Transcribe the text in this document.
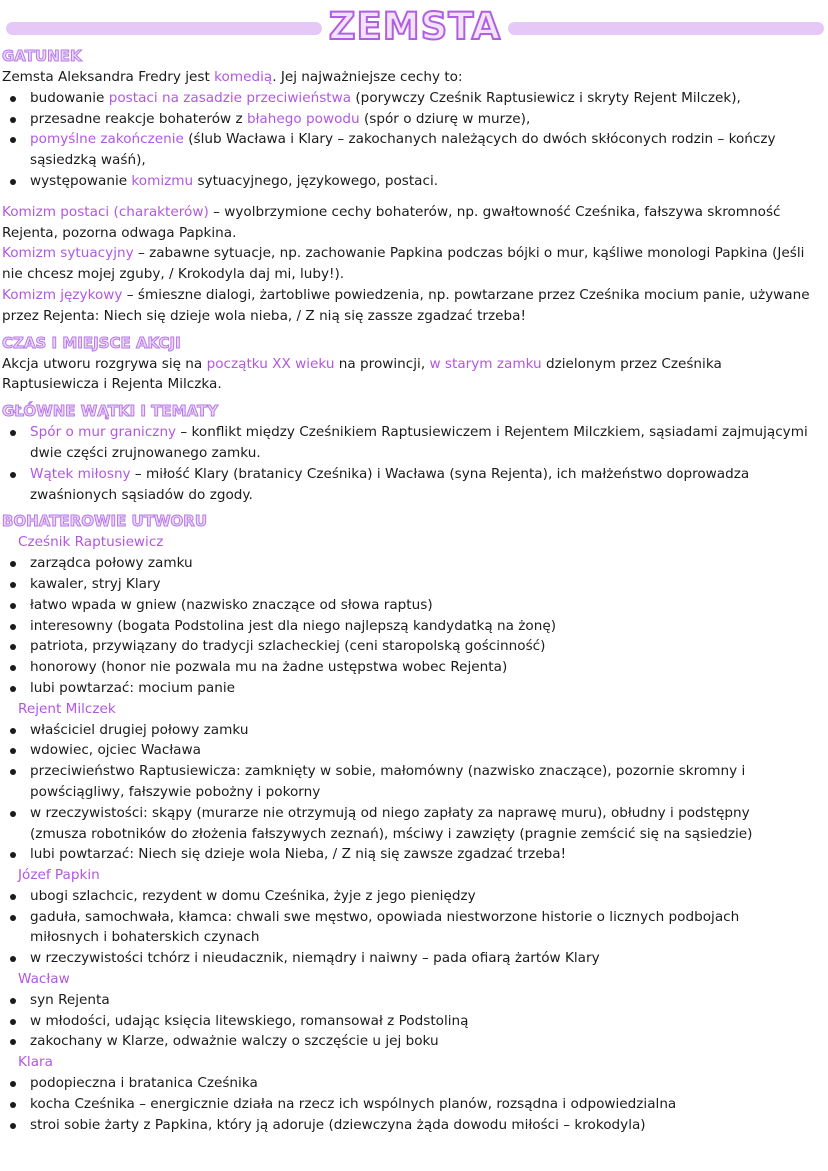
ZEMSTA
GATUNEK
Zemsta Aleksandra Fredry jest komedią. Jej najważniejsze cechy to:
budowanie postaci na zasadzie przeciwieństwa (porywczy Cześnik Raptusiewicz i skryty Rejent Milczek),
przesadne reakcje bohaterów z błahego powodu (spór o dziurę w murze),
pomyślne zakończenie (ślub Wacława i Klary – zakochanych należących do dwóch skłóconych rodzin – kończy
sąsiedzką waśń),
występowanie komizmu sytuacyjnego, językowego, postaci.
Komizm postaci (charakterów) – wyolbrzymione cechy bohaterów, np. gwałtowność Cześnika, fałszywa skromność
Rejenta, pozorna odwaga Papkina.
Komizm sytuacyjny – zabawne sytuacje, np. zachowanie Papkina podczas bójki o mur, kąśliwe monologi Papkina (Jeśli
nie chcesz mojej zguby, / Krokodyla daj mi, luby!).
Komizm językowy – śmieszne dialogi, żartobliwe powiedzenia, np. powtarzane przez Cześnika mocium panie, używane
przez Rejenta: Niech się dzieje wola nieba, / Z nią się zassze zgadzać trzeba!
CZAS I MIEJSCE AKCJI
Akcja utworu rozgrywa się na początku XX wieku na prowincji, w starym zamku dzielonym przez Cześnika
Raptusiewicza i Rejenta Milczka.
GŁÓWNE WĄTKI I TEMATY
Spór o mur graniczny – konflikt między Cześnikiem Raptusiewiczem i Rejentem Milczkiem, sąsiadami zajmującymi
dwie części zrujnowanego zamku.
Wątek miłosny – miłość Klary (bratanicy Cześnika) i Wacława (syna Rejenta), ich małżeństwo doprowadza
zwaśnionych sąsiadów do zgody.
BOHATEROWIE UTWORU
Cześnik Raptusiewicz
zarządca połowy zamku
kawaler, stryj Klary
łatwo wpada w gniew (nazwisko znaczące od słowa raptus)
interesowny (bogata Podstolina jest dla niego najlepszą kandydatką na żonę)
patriota, przywiązany do tradycji szlacheckiej (ceni staropolską gościnność)
honorowy (honor nie pozwala mu na żadne ustępstwa wobec Rejenta)
lubi powtarzać: mocium panie
Rejent Milczek
właściciel drugiej połowy zamku
wdowiec, ojciec Wacława
przeciwieństwo Raptusiewicza: zamknięty w sobie, małomówny (nazwisko znaczące), pozornie skromny i
powściągliwy, fałszywie pobożny i pokorny
w rzeczywistości: skąpy (murarze nie otrzymują od niego zapłaty za naprawę muru), obłudny i podstępny
(zmusza robotników do złożenia fałszywych zeznań), mściwy i zawzięty (pragnie zemścić się na sąsiedzie)
lubi powtarzać: Niech się dzieje wola Nieba, / Z nią się zawsze zgadzać trzeba!
Józef Papkin
ubogi szlachcic, rezydent w domu Cześnika, żyje z jego pieniędzy
gaduła, samochwała, kłamca: chwali swe męstwo, opowiada niestworzone historie o licznych podbojach
miłosnych i bohaterskich czynach
w rzeczywistości tchórz i nieudacznik, niemądry i naiwny – pada ofiarą żartów Klary
Wacław
syn Rejenta
w młodości, udając księcia litewskiego, romansował z Podstoliną
zakochany w Klarze, odważnie walczy o szczęście u jej boku
Klara
podopieczna i bratanica Cześnika
kocha Cześnika – energicznie działa na rzecz ich wspólnych planów, rozsądna i odpowiedzialna
stroi sobie żarty z Papkina, który ją adoruje (dziewczyna żąda dowodu miłości – krokodyla)
